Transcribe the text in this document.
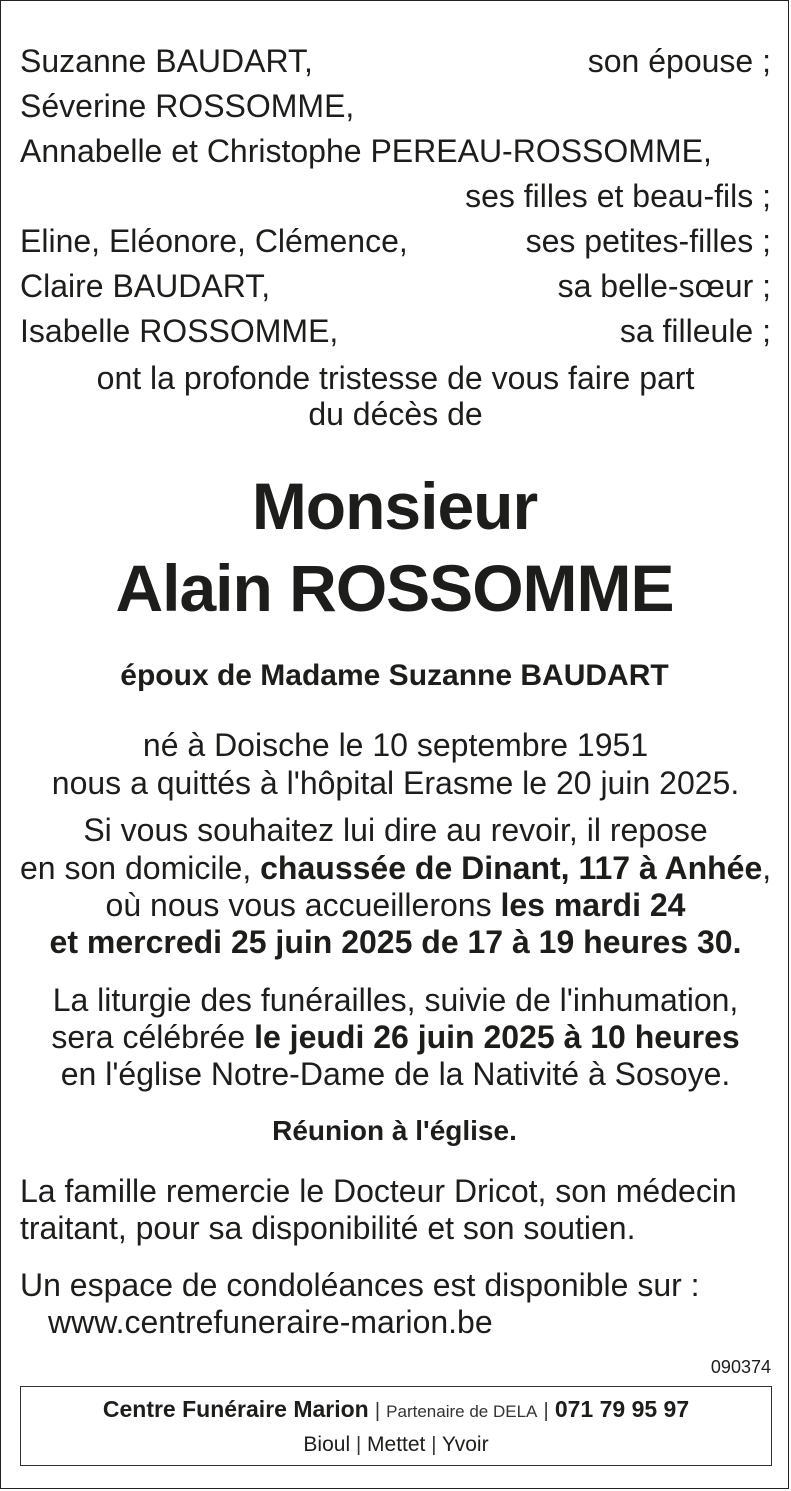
Suzanne BAUDART,	son épouse ;
Séverine ROSSOMME,
Annabelle et Christophe PEREAU-ROSSOMME,
ses filles et beau-fils ;
Eline, Eléonore, Clémence,	ses petites-filles ;
Claire BAUDART,	sa belle-sœur ;
Isabelle ROSSOMME,	sa filleule ;
ont la profonde tristesse de vous faire part
du décès de
Monsieur
Alain ROSSOMME
époux de Madame Suzanne BAUDART
né à Doische le 10 septembre 1951
nous a quittés à l'hôpital Erasme le 20 juin 2025.
Si vous souhaitez lui dire au revoir, il repose
en son domicile, chaussée de Dinant, 117 à Anhée,
où nous vous accueillerons les mardi 24
et mercredi 25 juin 2025 de 17 à 19 heures 30.
La liturgie des funérailles, suivie de l'inhumation,
sera célébrée le jeudi 26 juin 2025 à 10 heures
en l'église Notre-Dame de la Nativité à Sosoye.
Réunion à l'église.
La famille remercie le Docteur Dricot, son médecin
traitant, pour sa disponibilité et son soutien.
Un espace de condoléances est disponible sur :
www.centrefuneraire-marion.be
090374
Centre Funéraire Marion | Partenaire de DELA | 071 79 95 97
Bioul | Mettet | Yvoir
